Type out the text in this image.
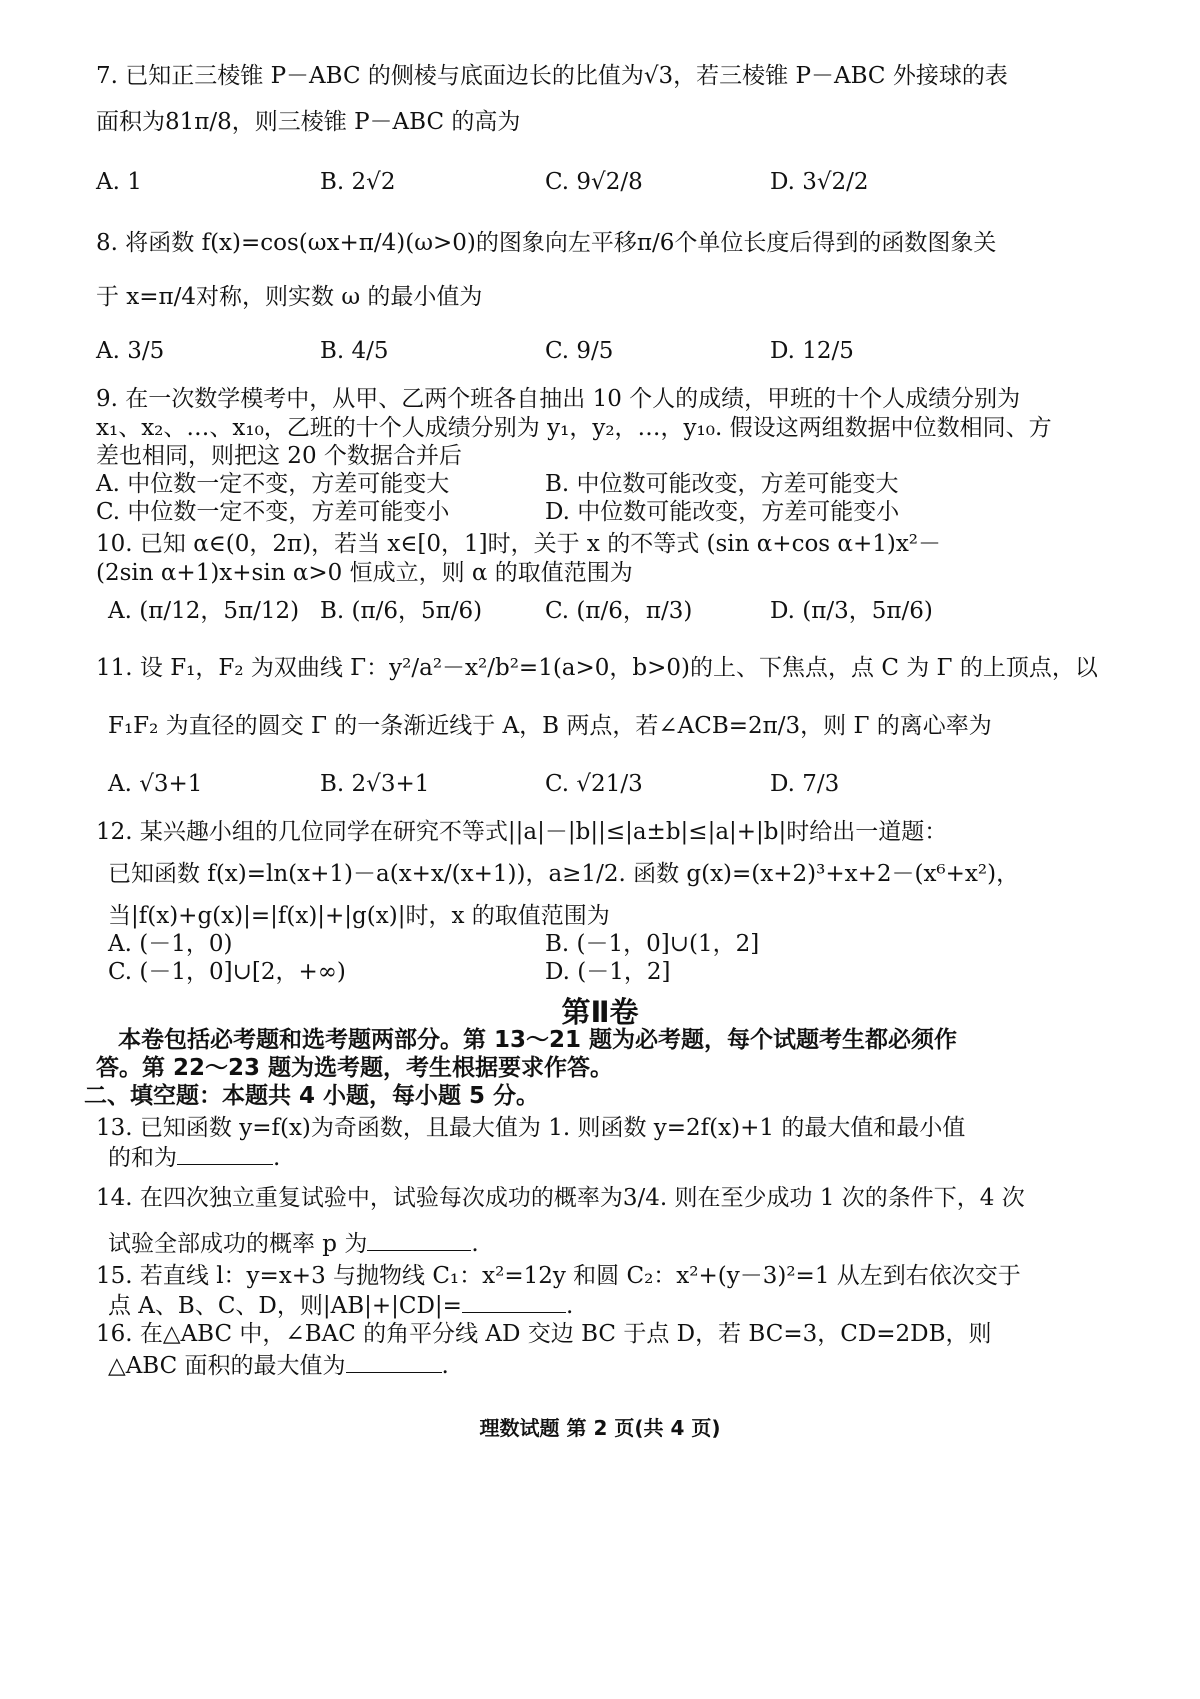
7. 已知正三棱锥 P－ABC 的侧棱与底面边长的比值为√3，若三棱锥 P－ABC 外接球的表
面积为81π/8，则三棱锥 P－ABC 的高为
A. 1	B. 2√2	C. 9√2/8	D. 3√2/2
8. 将函数 f(x)=cos(ωx+π/4)(ω>0)的图象向左平移π/6个单位长度后得到的函数图象关
于 x=π/4对称，则实数 ω 的最小值为
A. 3/5	B. 4/5	C. 9/5	D. 12/5
9. 在一次数学模考中，从甲、乙两个班各自抽出 10 个人的成绩，甲班的十个人成绩分别为
x₁、x₂、…、x₁₀，乙班的十个人成绩分别为 y₁，y₂，…，y₁₀. 假设这两组数据中位数相同、方
差也相同，则把这 20 个数据合并后
A. 中位数一定不变，方差可能变大	B. 中位数可能改变，方差可能变大
C. 中位数一定不变，方差可能变小	D. 中位数可能改变，方差可能变小
10. 已知 α∈(0，2π)，若当 x∈[0，1]时，关于 x 的不等式 (sin α+cos α+1)x²－
(2sin α+1)x+sin α>0 恒成立，则 α 的取值范围为
A. (π/12，5π/12) B. (π/6，5π/6)	C. (π/6，π/3)	D. (π/3，5π/6)
11. 设 F₁，F₂ 为双曲线 Γ：y²/a²－x²/b²=1(a>0，b>0)的上、下焦点，点 C 为 Γ 的上顶点，以
F₁F₂ 为直径的圆交 Γ 的一条渐近线于 A，B 两点，若∠ACB=2π/3，则 Γ 的离心率为
A. √3+1	B. 2√3+1	C. √21/3	D. 7/3
12. 某兴趣小组的几位同学在研究不等式||a|－|b||≤|a±b|≤|a|+|b|时给出一道题：
已知函数 f(x)=ln(x+1)－a(x+x/(x+1))，a≥1/2. 函数 g(x)=(x+2)³+x+2－(x⁶+x²)，
当|f(x)+g(x)|=|f(x)|+|g(x)|时，x 的取值范围为
A. (－1，0)	B. (－1，0]∪(1，2]
C. (－1，0]∪[2，+∞)	D. (－1，2]
第Ⅱ卷
本卷包括必考题和选考题两部分。第 13～21 题为必考题，每个试题考生都必须作
答。第 22～23 题为选考题，考生根据要求作答。
二、填空题：本题共 4 小题，每小题 5 分。
13. 已知函数 y=f(x)为奇函数，且最大值为 1. 则函数 y=2f(x)+1 的最大值和最小值
的和为	.
14. 在四次独立重复试验中，试验每次成功的概率为3/4. 则在至少成功 1 次的条件下，4 次
试验全部成功的概率 p 为	.
15. 若直线 l：y=x+3 与抛物线 C₁：x²=12y 和圆 C₂：x²+(y－3)²=1 从左到右依次交于
点 A、B、C、D，则|AB|+|CD|=	.
16. 在△ABC 中，∠BAC 的角平分线 AD 交边 BC 于点 D，若 BC=3，CD=2DB，则
△ABC 面积的最大值为	.
理数试题 第 2 页(共 4 页)
